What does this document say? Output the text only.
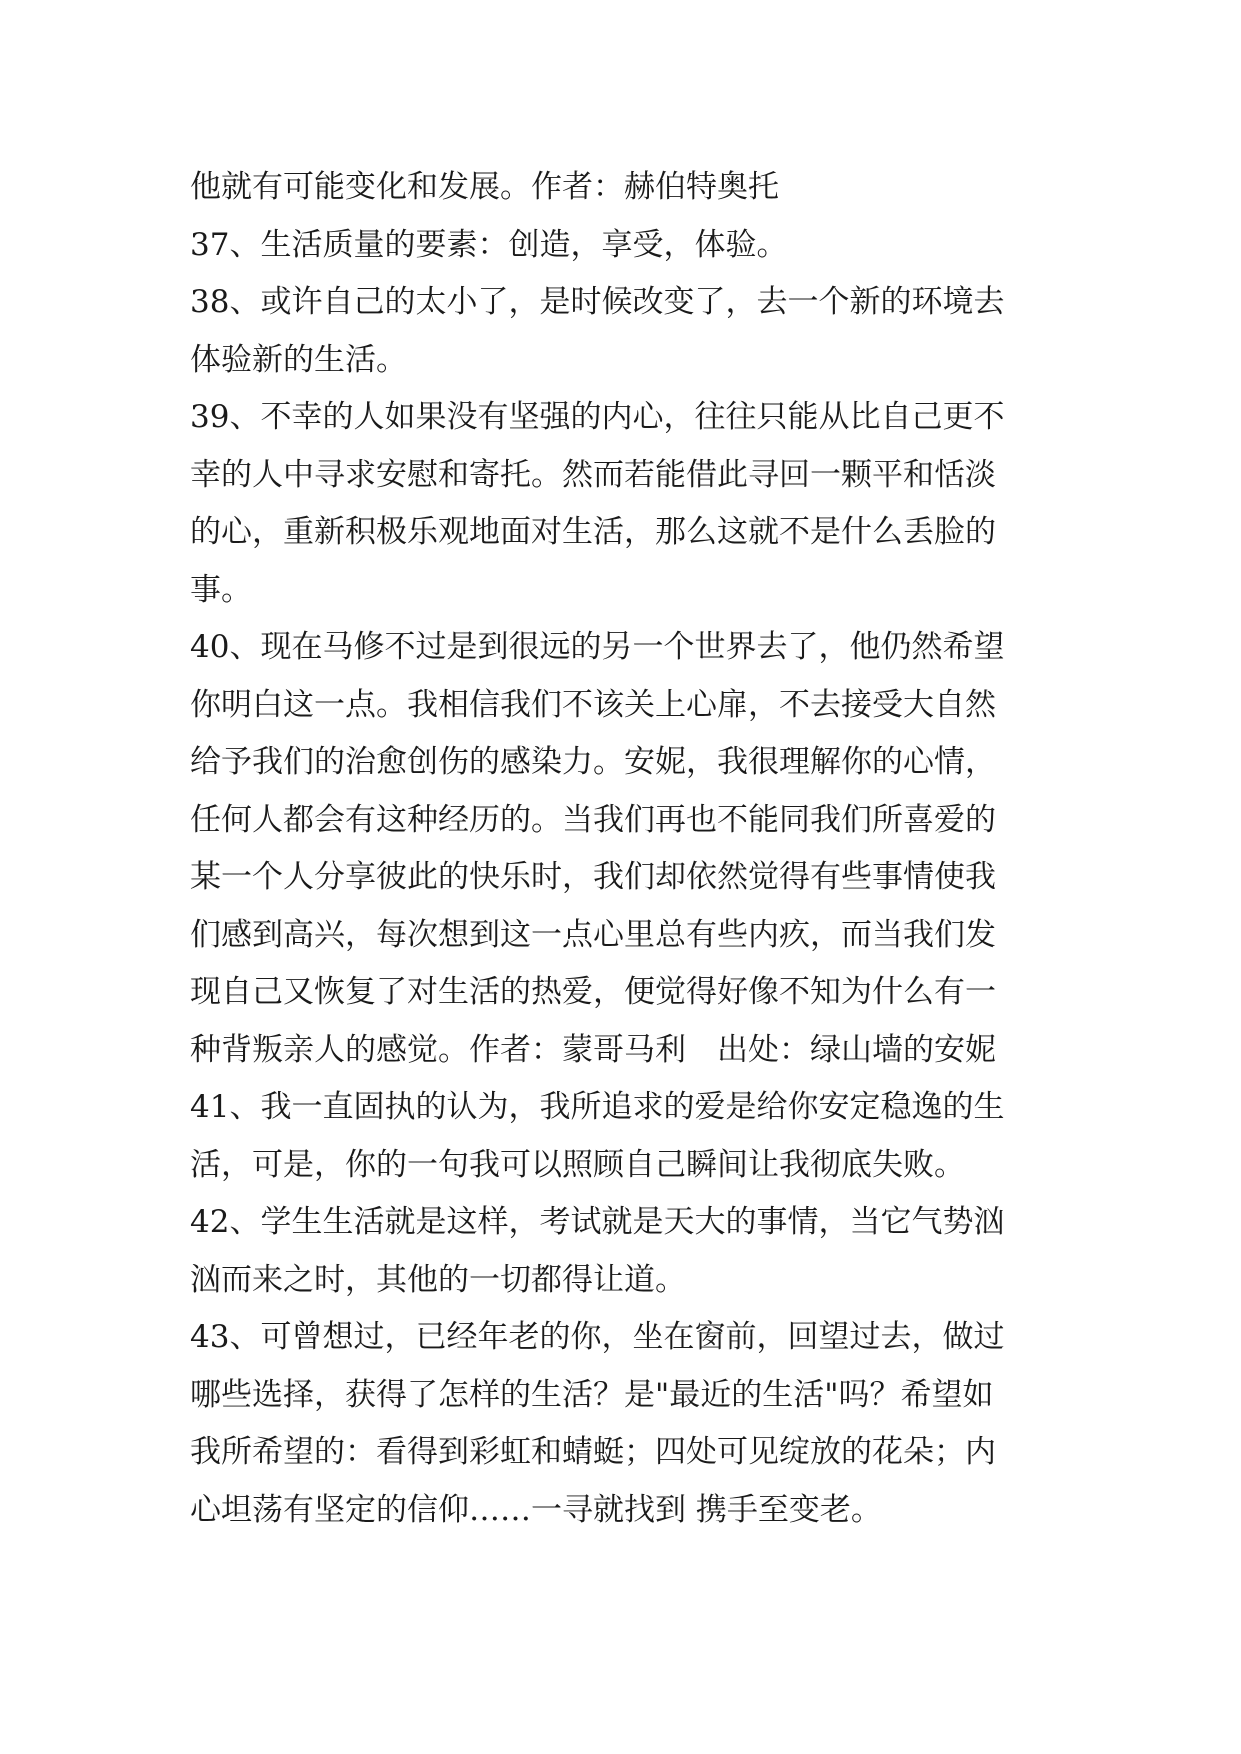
他就有可能变化和发展。作者：赫伯特奥托
37、生活质量的要素：创造，享受，体验。
38、或许自己的太小了，是时候改变了，去一个新的环境去
体验新的生活。
39、不幸的人如果没有坚强的内心，往往只能从比自己更不
幸的人中寻求安慰和寄托。然而若能借此寻回一颗平和恬淡
的心，重新积极乐观地面对生活，那么这就不是什么丢脸的
事。
40、现在马修不过是到很远的另一个世界去了，他仍然希望
你明白这一点。我相信我们不该关上心扉，不去接受大自然
给予我们的治愈创伤的感染力。安妮，我很理解你的心情，
任何人都会有这种经历的。当我们再也不能同我们所喜爱的
某一个人分享彼此的快乐时，我们却依然觉得有些事情使我
们感到高兴，每次想到这一点心里总有些内疚，而当我们发
现自己又恢复了对生活的热爱，便觉得好像不知为什么有一
种背叛亲人的感觉。作者：蒙哥马利　出处：绿山墙的安妮
41、我一直固执的认为，我所追求的爱是给你安定稳逸的生
活，可是，你的一句我可以照顾自己瞬间让我彻底失败。
42、学生生活就是这样，考试就是天大的事情，当它气势汹
汹而来之时，其他的一切都得让道。
43、可曾想过，已经年老的你，坐在窗前，回望过去，做过
哪些选择，获得了怎样的生活？是"最近的生活"吗？希望如
我所希望的：看得到彩虹和蜻蜓；四处可见绽放的花朵；内
心坦荡有坚定的信仰……一寻就找到 携手至变老。
